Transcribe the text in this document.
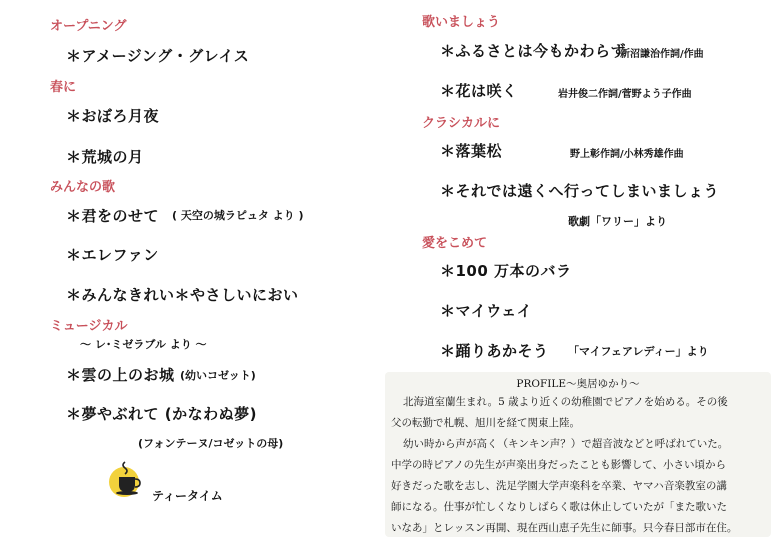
オープニング
＊アメージング・グレイス
春に
＊おぼろ月夜
＊荒城の月
みんなの歌
＊君をのせて ( 天空の城ラピュタ より )
＊エレファン
＊みんなきれい＊やさしいにおい
ミュージカル
～ レ･ミゼラブル より ～
＊雲の上のお城 (幼いコゼット)
＊夢やぶれて (かなわぬ夢)
(フォンテーヌ/コゼットの母)
ティータイム
歌いましょう
＊ふるさとは今もかわらず
新沼謙治作詞/作曲
＊花は咲く	岩井俊二作詞/菅野よう子作曲
クラシカルに
＊落葉松	野上彰作詞/小林秀雄作曲
＊それでは遠くへ行ってしまいましょう
歌劇「ワリー」より
愛をこめて
＊100 万本のバラ
＊マイウェイ
＊踊りあかそう 「マイフェアレディー」より
PROFILE～奥居ゆかり～
北海道室蘭生まれ。5 歳より近くの幼稚園でピアノを始める。その後
父の転勤で札幌、旭川を経て関東上陸。
幼い時から声が高く（キンキン声？）で超音波などと呼ばれていた。
中学の時ピアノの先生が声楽出身だったことも影響して、小さい頃から
好きだった歌を志し、洗足学園大学声楽科を卒業、ヤマハ音楽教室の講
師になる。仕事が忙しくなりしばらく歌は休止していたが「また歌いた
いなあ」とレッスン再開、現在西山恵子先生に師事。只今春日部市在住。
